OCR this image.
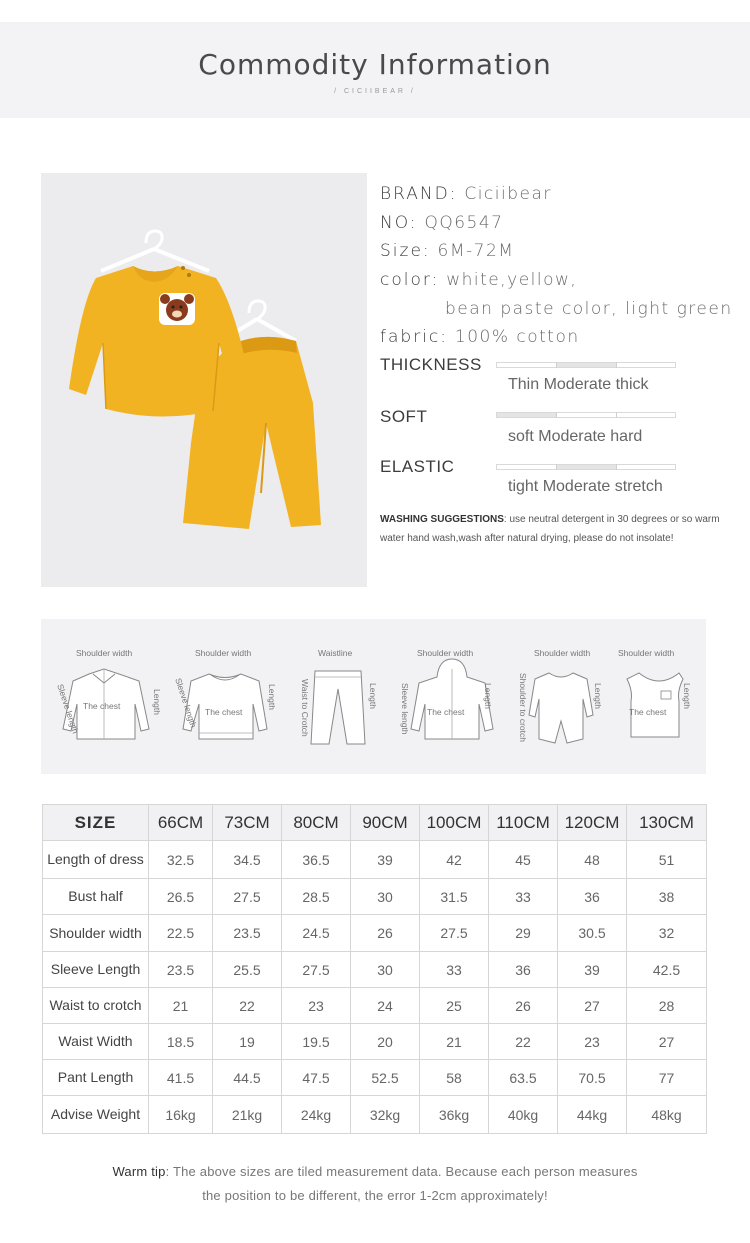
Commodity Information
/ CICIIBEAR /
BRAND: Ciciibear
NO: QQ6547
Size: 6M-72M
color: white,yellow,
bean paste color, light green
fabric: 100% cotton
THICKNESS
Thin Moderate thick
SOFT
soft Moderate hard
ELASTIC
tight Moderate stretch
WASHING SUGGESTIONS: use neutral detergent in 30 degrees or so warm water hand wash,wash after natural drying, please do not insolate!
Shoulder width
Sleeve length The chest	Length
Shoulder width
Sleeve length The chest
Length
Waistline
Waist to Crotch	Length
Shoulder width
Sleeve length The chest
Length
Shoulder width
Shoulder to crotch	Length
Shoulder width
The chest
Length
SIZE	66CM	73CM	80CM	90CM	100CM	110CM	120CM	130CM
Length of dress	32.5	34.5	36.5	39	42	45	48	51
Bust half	26.5	27.5	28.5	30	31.5	33	36	38
Shoulder width	22.5	23.5	24.5	26	27.5	29	30.5	32
Sleeve Length	23.5	25.5	27.5	30	33	36	39	42.5
Waist to crotch	21	22	23	24	25	26	27	28
Waist Width	18.5	19	19.5	20	21	22	23	27
Pant Length	41.5	44.5	47.5	52.5	58	63.5	70.5	77
Advise Weight	16kg	21kg	24kg	32kg	36kg	40kg	44kg	48kg
Warm tip: The above sizes are tiled measurement data. Because each person measures
the position to be different, the error 1-2cm approximately!
